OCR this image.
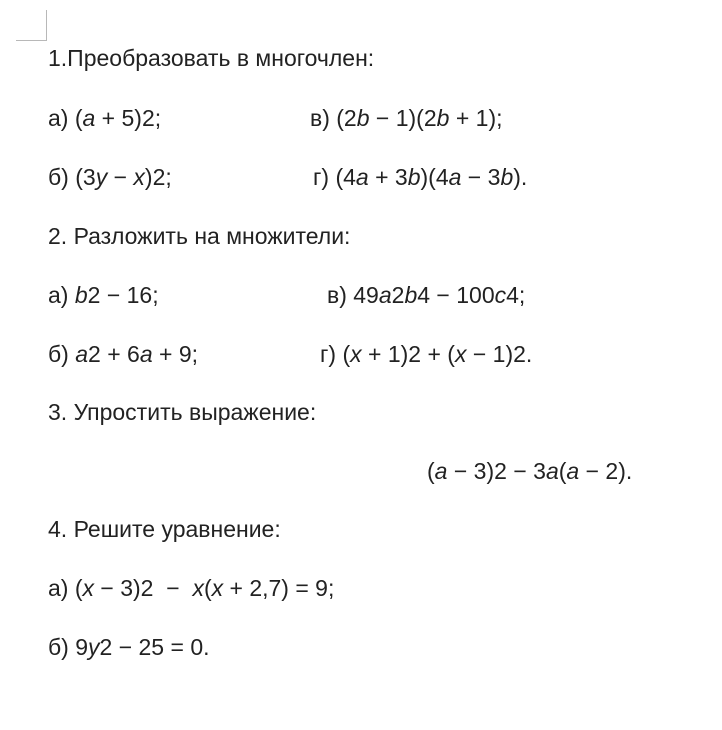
1.Преобразовать в многочлен:
а) (a + 5)2;	в) (2b − 1)(2b + 1);
б) (3y − x)2;	г) (4a + 3b)(4a − 3b).
2. Разложить на множители:
а) b2 − 16;	в) 49a2b4 − 100c4;
б) a2 + 6a + 9;	г) (x + 1)2 + (x − 1)2.
3. Упростить выражение:
(a − 3)2 − 3a(a − 2).
4. Решите уравнение:
а) (x − 3)2  −  x(x + 2,7) = 9;
б) 9y2 − 25 = 0.
